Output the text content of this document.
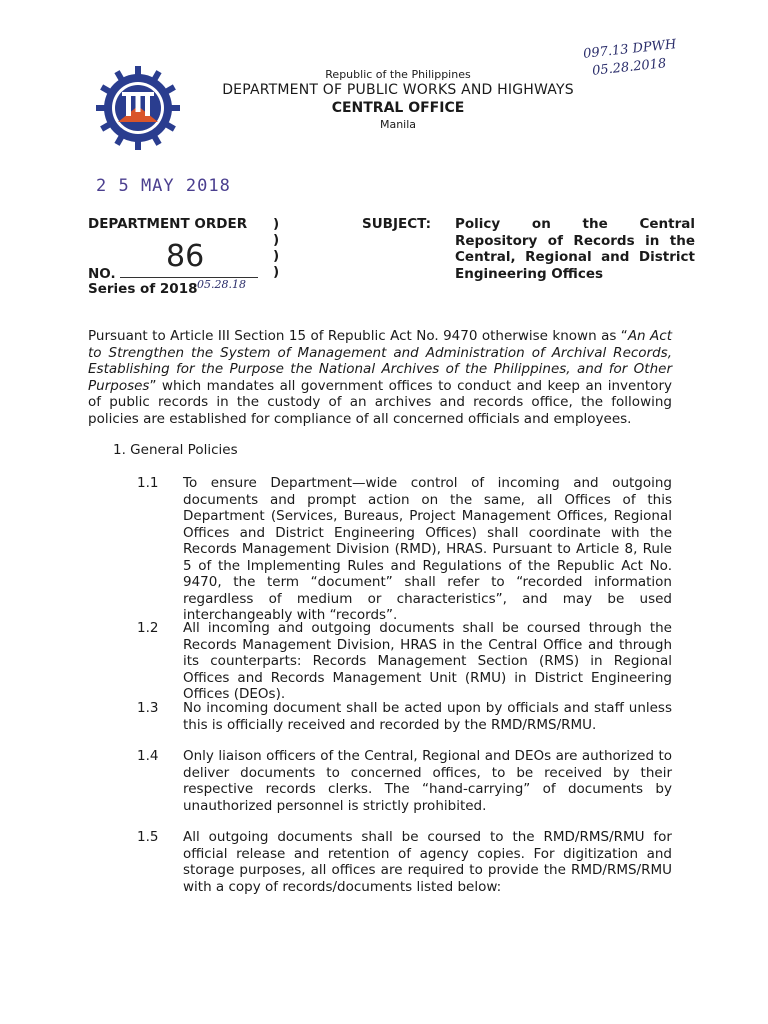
Republic of the Philippines
DEPARTMENT OF PUBLIC WORKS AND HIGHWAYS
CENTRAL OFFICE
Manila
097.13 DPWH
05.28.2018
2 5 MAY 2018
DEPARTMENT ORDER )
)
)
)
86
NO.
Series of 2018 05.28.18
SUBJECT: Policy on the Central Repository of Records in the Central, Regional and District Engineering Offices
Pursuant to Article III Section 15 of Republic Act No. 9470 otherwise known as “An Act to Strengthen the System of Management and Administration of Archival Records, Establishing for the Purpose the National Archives of the Philippines, and for Other Purposes” which mandates all government offices to conduct and keep an inventory of public records in the custody of an archives and records office, the following policies are established for compliance of all concerned officials and employees.
1. General Policies
1.1 To ensure Department—wide control of incoming and outgoing documents and prompt action on the same, all Offices of this Department (Services, Bureaus, Project Management Offices, Regional Offices and District Engineering Offices) shall coordinate with the Records Management Division (RMD), HRAS. Pursuant to Article 8, Rule 5 of the Implementing Rules and Regulations of the Republic Act No. 9470, the term “document” shall refer to “recorded information regardless of medium or characteristics”, and may be used interchangeably with “records”.
1.2 All incoming and outgoing documents shall be coursed through the Records Management Division, HRAS in the Central Office and through its counterparts: Records Management Section (RMS) in Regional Offices and Records Management Unit (RMU) in District Engineering Offices (DEOs).
1.3 No incoming document shall be acted upon by officials and staff unless this is officially received and recorded by the RMD/RMS/RMU.
1.4 Only liaison officers of the Central, Regional and DEOs are authorized to deliver documents to concerned offices, to be received by their respective records clerks. The “hand-carrying” of documents by unauthorized personnel is strictly prohibited.
1.5 All outgoing documents shall be coursed to the RMD/RMS/RMU for official release and retention of agency copies. For digitization and storage purposes, all offices are required to provide the RMD/RMS/RMU with a copy of records/documents listed below:
